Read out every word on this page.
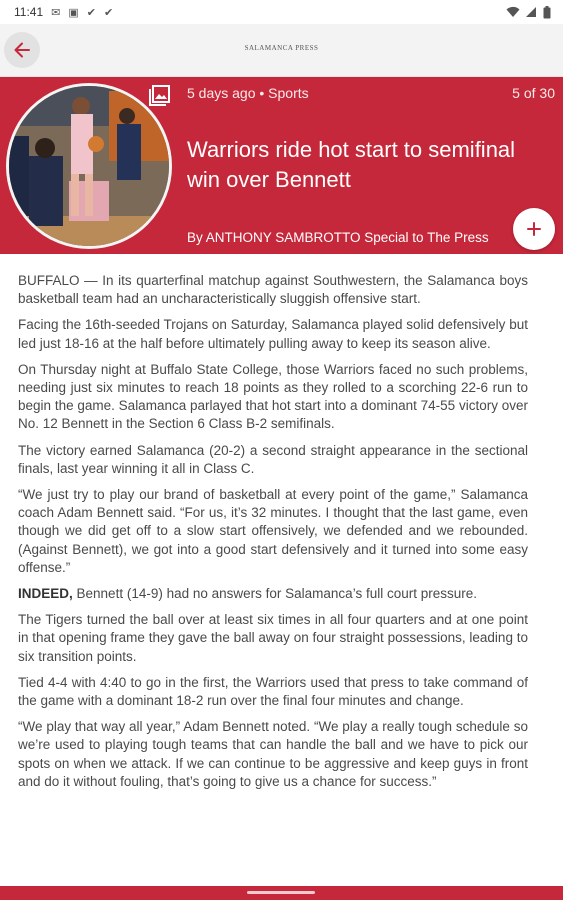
11:41 ✉ ▣ ✔ ✔
SALAMANCA PRESS
5 days ago • Sports	5 of 30
Warriors ride hot start to semifinal win over Bennett
By ANTHONY SAMBROTTO Special to The Press

BUFFALO — In its quarterfinal matchup against Southwestern, the Salamanca boys basketball team had an uncharacteristically sluggish offensive start.

Facing the 16th-seeded Trojans on Saturday, Salamanca played solid defensively but led just 18-16 at the half before ultimately pulling away to keep its season alive.

On Thursday night at Buffalo State College, those Warriors faced no such problems, needing just six minutes to reach 18 points as they rolled to a scorching 22-6 run to begin the game. Salamanca parlayed that hot start into a dominant 74-55 victory over No. 12 Bennett in the Section 6 Class B-2 semifinals.

The victory earned Salamanca (20-2) a second straight appearance in the sectional finals, last year winning it all in Class C.

“We just try to play our brand of basketball at every point of the game,” Salamanca coach Adam Bennett said. “For us, it’s 32 minutes. I thought that the last game, even though we did get off to a slow start offensively, we defended and we rebounded. (Against Bennett), we got into a good start defensively and it turned into some easy offense.”

INDEED, Bennett (14-9) had no answers for Salamanca’s full court pressure.

The Tigers turned the ball over at least six times in all four quarters and at one point in that opening frame they gave the ball away on four straight possessions, leading to six transition points.

Tied 4-4 with 4:40 to go in the first, the Warriors used that press to take command of the game with a dominant 18-2 run over the final four minutes and change.

“We play that way all year,” Adam Bennett noted. “We play a really tough schedule so we’re used to playing tough teams that can handle the ball and we have to pick our spots on when we attack. If we can continue to be aggressive and keep guys in front and do it without fouling, that’s going to give us a chance for success.”
